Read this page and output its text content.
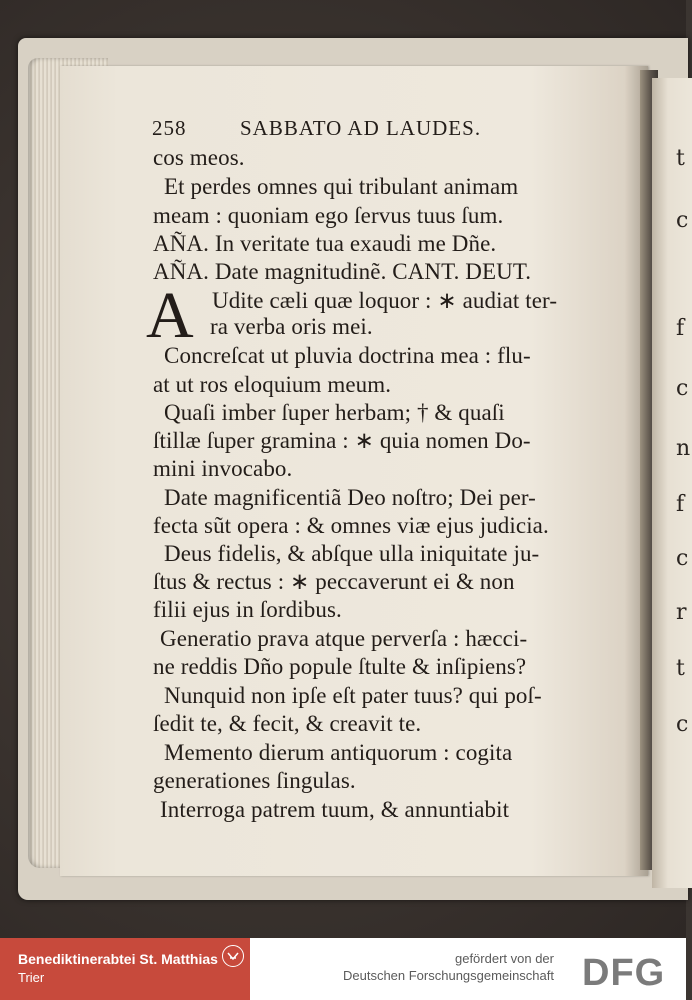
t
c
f
c
n
f
c
r
t
c
258	SABBATO AD LAUDES.
cos meos.
Et perdes omnes qui tribulant animam
meam : quoniam ego ſervus tuus ſum.
AÑA. In veritate tua exaudi me Dñe.
AÑA. Date magnitudinẽ. CANT. DEUT.
A Udite cæli quæ loquor : ∗ audiat ter-
ra verba oris mei.
Concreſcat ut pluvia doctrina mea : flu-
at ut ros eloquium meum.
Quaſi imber ſuper herbam; † & quaſi
ſtillæ ſuper gramina : ∗ quia nomen Do-
mini invocabo.
Date magnificentiã Deo noſtro; Dei per-
fecta sũt opera : & omnes viæ ejus judicia.
Deus fidelis, & abſque ulla iniquitate ju-
ſtus & rectus : ∗ peccaverunt ei & non
filii ejus in ſordibus.
Generatio prava atque perverſa : hæcci-
ne reddis Dño popule ſtulte & inſipiens?
Nunquid non ipſe eſt pater tuus? qui poſ-
ſedit te, & fecit, & creavit te.
Memento dierum antiquorum : cogita
generationes ſingulas.
Interroga patrem tuum, & annuntiabit
Benediktinerabtei St. Matthias
Trier
gefördert von der
Deutschen Forschungsgemeinschaft DFG
